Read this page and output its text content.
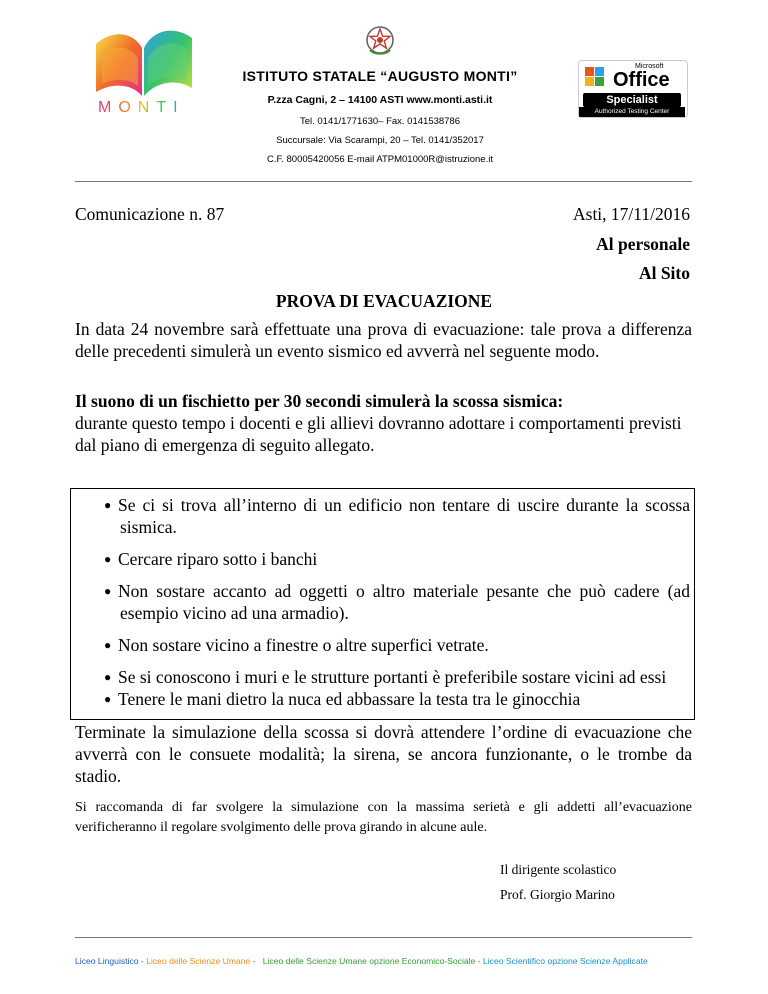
MONTI
ISTITUTO STATALE “AUGUSTO MONTI”
P.zza Cagni, 2 – 14100 ASTI www.monti.asti.it
Tel. 0141/1771630– Fax. 0141538786
Succursale: Via Scarampi, 20 – Tel. 0141/352017
C.F. 80005420056 E-mail ATPM01000R@istruzione.it
Microsoft
Office
Specialist
Authorized Testing Center
Comunicazione n. 87	Asti, 17/11/2016
Al personale
Al Sito
PROVA DI EVACUAZIONE
In data 24 novembre sarà effettuate una prova di evacuazione: tale prova a differenza delle precedenti simulerà un evento sismico ed avverrà nel seguente modo.
Il suono di un fischietto per 30 secondi simulerà la scossa sismica:
durante questo tempo i docenti e gli allievi dovranno adottare i comportamenti previsti dal piano di emergenza di seguito allegato.
● Se ci si trova all’interno di un edificio non tentare di uscire durante la scossa sismica.
● Cercare riparo sotto i banchi
● Non sostare accanto ad oggetti o altro materiale pesante che può cadere (ad esempio vicino ad una armadio).
● Non sostare vicino a finestre o altre superfici vetrate.
● Se si conoscono i muri e le strutture portanti è preferibile sostare vicini ad essi
● Tenere le mani dietro la nuca ed abbassare la testa tra le ginocchia
Terminate la simulazione della scossa si dovrà attendere l’ordine di evacuazione che avverrà con le consuete modalità; la sirena, se ancora funzionante, o le trombe da stadio.
Si raccomanda di far svolgere la simulazione con la massima serietà e gli addetti all’evacuazione verificheranno il regolare svolgimento delle prova girando in alcune aule.
Il dirigente scolastico
Prof. Giorgio Marino
Liceo Linguistico - Liceo delle Scienze Umane -   Liceo delle Scienze Umane opzione Economico-Sociale - Liceo Scientifico opzione Scienze Applicate
